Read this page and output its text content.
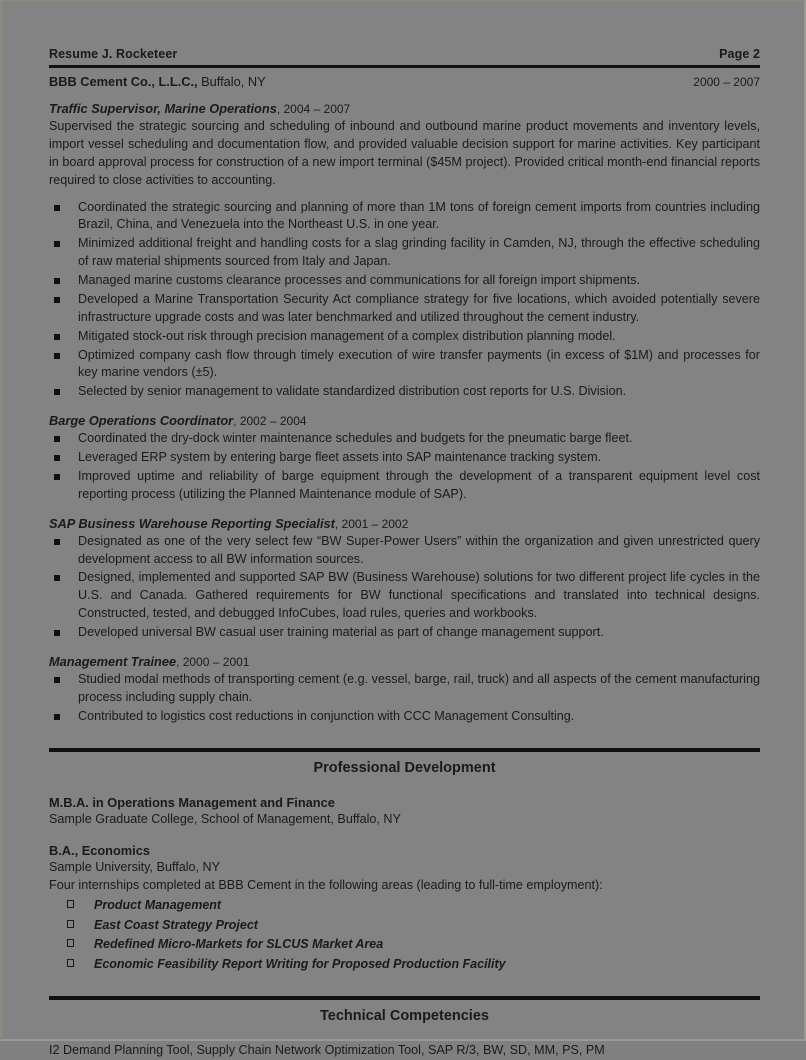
Resume J. Rocketeer	Page 2
BBB Cement Co., L.L.C., Buffalo, NY	2000 – 2007
Traffic Supervisor, Marine Operations, 2004 – 2007

Supervised the strategic sourcing and scheduling of inbound and outbound marine product movements and inventory levels, import vessel scheduling and documentation flow, and provided valuable decision support for marine activities. Key participant in board approval process for construction of a new import terminal ($45M project). Provided critical month-end financial reports required to close activities to accounting.

Coordinated the strategic sourcing and planning of more than 1M tons of foreign cement imports from countries including Brazil, China, and Venezuela into the Northeast U.S. in one year.
Minimized additional freight and handling costs for a slag grinding facility in Camden, NJ, through the effective scheduling of raw material shipments sourced from Italy and Japan.
Managed marine customs clearance processes and communications for all foreign import shipments.
Developed a Marine Transportation Security Act compliance strategy for five locations, which avoided potentially severe infrastructure upgrade costs and was later benchmarked and utilized throughout the cement industry.
Mitigated stock-out risk through precision management of a complex distribution planning model.
Optimized company cash flow through timely execution of wire transfer payments (in excess of $1M) and processes for key marine vendors (±5).
Selected by senior management to validate standardized distribution cost reports for U.S. Division.
Barge Operations Coordinator, 2002 – 2004
Coordinated the dry-dock winter maintenance schedules and budgets for the pneumatic barge fleet.
Leveraged ERP system by entering barge fleet assets into SAP maintenance tracking system.
Improved uptime and reliability of barge equipment through the development of a transparent equipment level cost reporting process (utilizing the Planned Maintenance module of SAP).
SAP Business Warehouse Reporting Specialist, 2001 – 2002
Designated as one of the very select few “BW Super-Power Users” within the organization and given unrestricted query development access to all BW information sources.
Designed, implemented and supported SAP BW (Business Warehouse) solutions for two different project life cycles in the U.S. and Canada. Gathered requirements for BW functional specifications and translated into technical designs. Constructed, tested, and debugged InfoCubes, load rules, queries and workbooks.
Developed universal BW casual user training material as part of change management support.
Management Trainee, 2000 – 2001
Studied modal methods of transporting cement (e.g. vessel, barge, rail, truck) and all aspects of the cement manufacturing process including supply chain.
Contributed to logistics cost reductions in conjunction with CCC Management Consulting.
Professional Development
M.B.A. in Operations Management and Finance
Sample Graduate College, School of Management, Buffalo, NY
B.A., Economics
Sample University, Buffalo, NY
Four internships completed at BBB Cement in the following areas (leading to full-time employment):
Product Management
East Coast Strategy Project
Redefined Micro-Markets for SLCUS Market Area
Economic Feasibility Report Writing for Proposed Production Facility
Technical Competencies
I2 Demand Planning Tool, Supply Chain Network Optimization Tool, SAP R/3, BW, SD, MM, PS, PM
